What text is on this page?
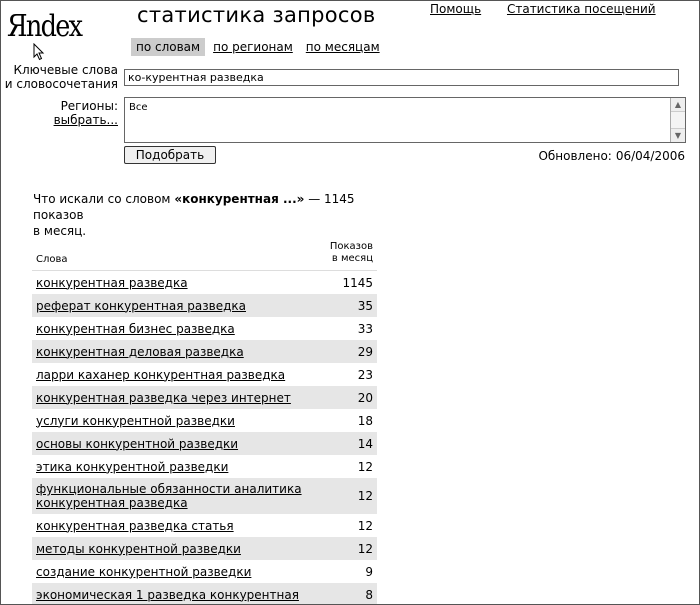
Яndex	статистика запросов	Помощь Статистика посещений
по словам	по регионам	по месяцам
Ключевые слова
и словосочетания ко-курентная разведка
Регионы:
выбрать...
Все	▲
▼
Подобрать	Обновлено: 06/04/2006
Что искали со словом «конкурентная ...» — 1145 показов
в месяц.
Слова	Показов
в месяц
конкурентная разведка	1145
реферат конкурентная разведка	35
конкурентная бизнес разведка	33
конкурентная деловая разведка	29
ларри каханер конкурентная разведка	23
конкурентная разведка через интернет	20
услуги конкурентной разведки	18
основы конкурентной разведки	14
этика конкурентной разведки	12
функциональные обязанности аналитика
конкурентная разведка	12
конкурентная разведка статья	12
методы конкурентной разведки	12
создание конкурентной разведки	9
экономическая 1 разведка конкурентная	8
